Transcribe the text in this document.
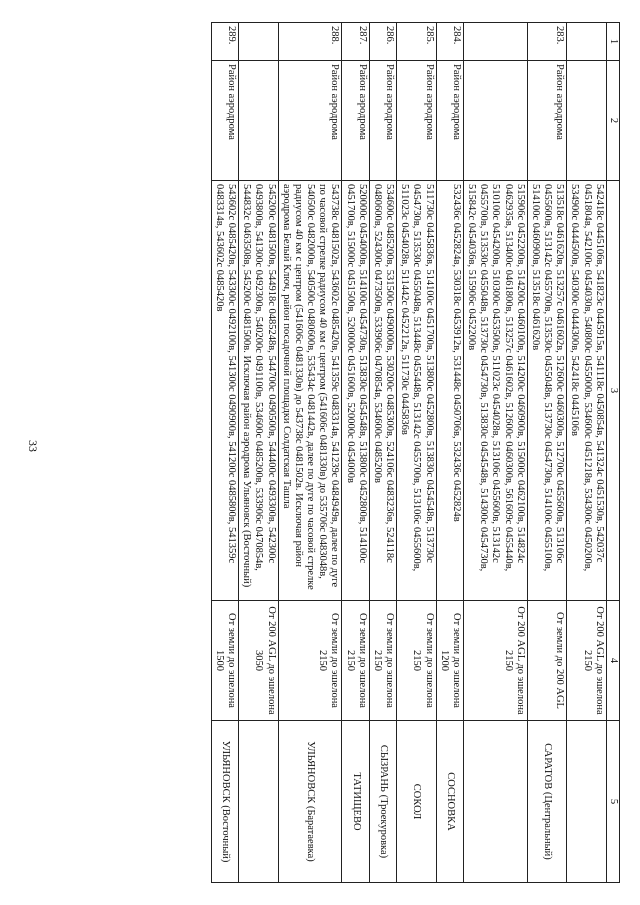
33
1	2	3	4	5
		542418с 0445106в, 541823с 0445915в, 541118с 0450854в, 541324с 0451530в, 542037с 0451804в, 542100с 0454030в, 540800с 0455000в, 534600с 0451218в, 534300с 0450200в, 534900с 0444500в, 540300с 0444300в, 542418с 0445106в	От 200 AGL до эшелона 2150	
283.	Район аэродрома	513518с 0461620в, 513257с 0461602в, 512600с 0460300в, 512700с 0455600в, 513106с 0455600в, 513142с 0455700в, 513530с 0455048в, 513730с 0454730в, 514100с 0455100в, 514100с 0460900в, 513518с 0461620в	От земли до 200 AGL	САРАТОВ (Центральный)
		515906с 0452200в, 514200с 0460100в, 514200с 0460900в, 515000с 0462100в, 514824с 0462935в, 513400с 0461800в, 513257с 0461602в, 512600с 0460300в, 561609с 0455440в, 510100с 0454200в, 510300с 0453500в, 511023с 0454028в, 513106с 0455600в, 513142с 0455700в, 513530с 0455048в, 513730с 0454730в, 513830с 0454548в, 514300с 0454730в, 515842с 0454036в, 515906с 0452200в	От 200 AGL до эшелона 2150	
284.	Район аэродрома	532436с 0452824в, 530318с 0453912в, 531448с 0450706в, 532436с 0452824в	От земли до эшелона 1200	СОСНОВКА
285.	Район аэродрома	511730с 0445836в, 514100с 0451700в, 513800с 0452800в, 513830с 0454548в, 513730с 0454730в, 513530с 0455048в, 513448с 0455448в, 513142с 0455700в, 513106с 0455600в, 511023с 0454028в, 511442с 0452212в, 511730с 0445836в	От земли до эшелона 2150	СОКОЛ
286.	Район аэродрома	534600с 0485200в, 531500с 0490000в, 530200с 0485300в, 524106с 0483236в, 524118с 0480600в, 524300с 0473500в, 533906с 0470854в, 534600с 0485200в	От земли до эшелона 2150	СЫЗРАНЬ (Троекуровка)
287.	Район аэродрома	520000с 0454000в, 514100с 0454730в, 513830с 0454548в, 513800с 0452800в, 514100с 0451700в, 515000с 0451500в, 520000с 0451600в, 520000с 0454000в	От земли до эшелона 2150	ТАТИЩЕВО
288.	Район аэродрома	543738с 0481502в, 543602с 0485420в, 541359с 0483314в, 541239с 0484949в, далее по дуге по часовой стрелке радиусом 40 км с центром (541606с 0481330в) до 535706с 0483048в, 540500с 0482000в, 540500с 0480600в, 535434с 0481442в, далее по дуге по часовой стрелке радиусом 40 км с центром (541606с 0481330в) до 543738с 0481502в. Исключая район аэродрома Белый Ключ, район посадочной площадки Солдатская Ташла	От земли до эшелона 2150	УЛЬЯНОВСК (Баратаевка)
		545200с 0481500в, 544918с 0485248в, 544700с 0490500в, 544400с 0493300в, 542300с 0493800в, 541300с 0492300в, 540200с 0491100в, 534600с 0485200в, 533906с 0470854в, 544832с 0463508в, 545200с 0481500в. Исключая район аэродрома Ульяновск (Восточный)	От 200 AGL до эшелона 3050	
289.	Район аэродрома	543602с 0485420в, 543300с 0492100в, 541300с 0490900в, 541200с 0485800в, 541359с 0483314в, 543602с 0485420в	От земли до эшелона 1500	УЛЬЯНОВСК (Восточный)
